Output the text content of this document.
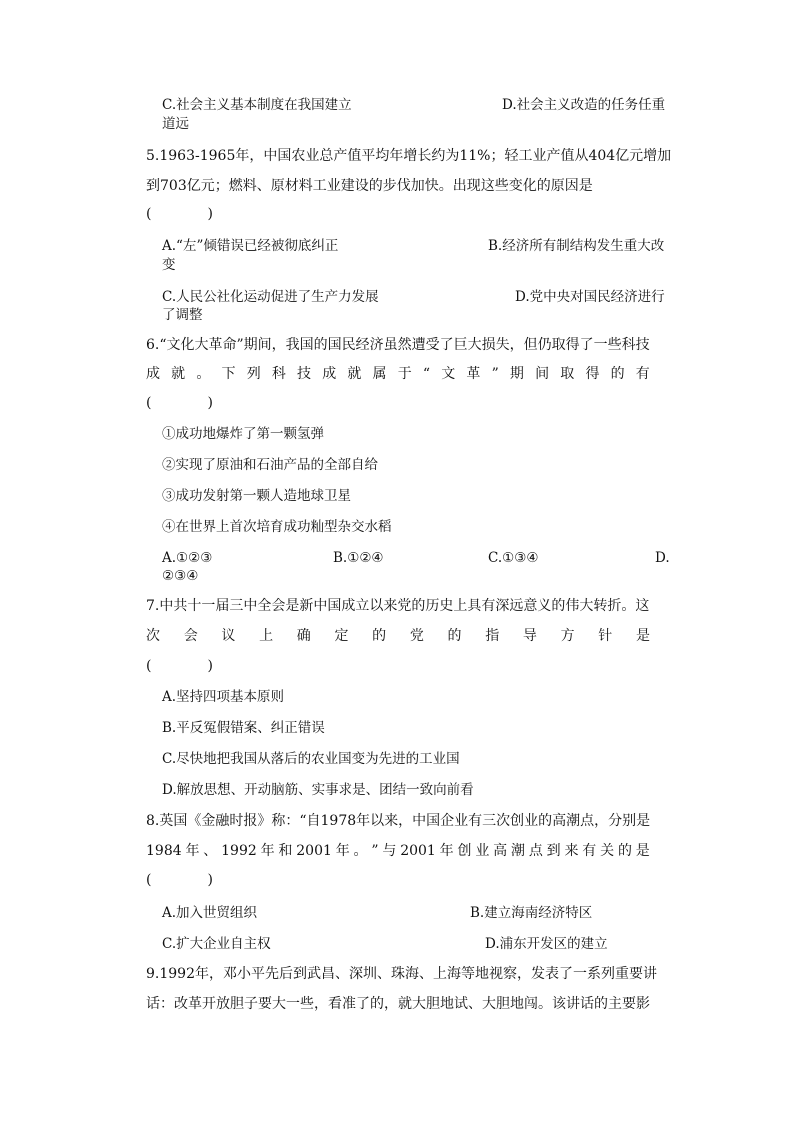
C.社会主义基本制度在我国建立	D.社会主义改造的任务任重
道远
5.1963-1965年，中国农业总产值平均年增长约为11%；轻工业产值从404亿元增加
到703亿元；燃料、原材料工业建设的步伐加快。出现这些变化的原因是
(　　　　)
A.“左”倾错误已经被彻底纠正	B.经济所有制结构发生重大改
变
C.人民公社化运动促进了生产力发展	D.党中央对国民经济进行
了调整
6.“文化大革命”期间，我国的国民经济虽然遭受了巨大损失，但仍取得了一些科技
成 就 。 下 列 科 技 成 就 属 于 “ 文 革 ” 期 间 取 得 的 有
(　　　　)
①成功地爆炸了第一颗氢弹
②实现了原油和石油产品的全部自给
③成功发射第一颗人造地球卫星
④在世界上首次培育成功籼型杂交水稻
A.①②③	B.①②④	C.①③④	D.
②③④
7.中共十一届三中全会是新中国成立以来党的历史上具有深远意义的伟大转折。这
次 会 议 上 确 定 的 党 的 指 导 方 针 是
(　　　　)
A.坚持四项基本原则
B.平反冤假错案、纠正错误
C.尽快地把我国从落后的农业国变为先进的工业国
D.解放思想、开动脑筋、实事求是、团结一致向前看
8.英国《金融时报》称：“自1978年以来，中国企业有三次创业的高潮点，分别是
1984 年 、 1992 年 和 2001 年 。 ” 与 2001 年 创 业 高 潮 点 到 来 有 关 的 是
(　　　　)
A.加入世贸组织	B.建立海南经济特区
C.扩大企业自主权	D.浦东开发区的建立
9.1992年，邓小平先后到武昌、深圳、珠海、上海等地视察，发表了一系列重要讲
话：改革开放胆子要大一些，看准了的，就大胆地试、大胆地闯。该讲话的主要影
